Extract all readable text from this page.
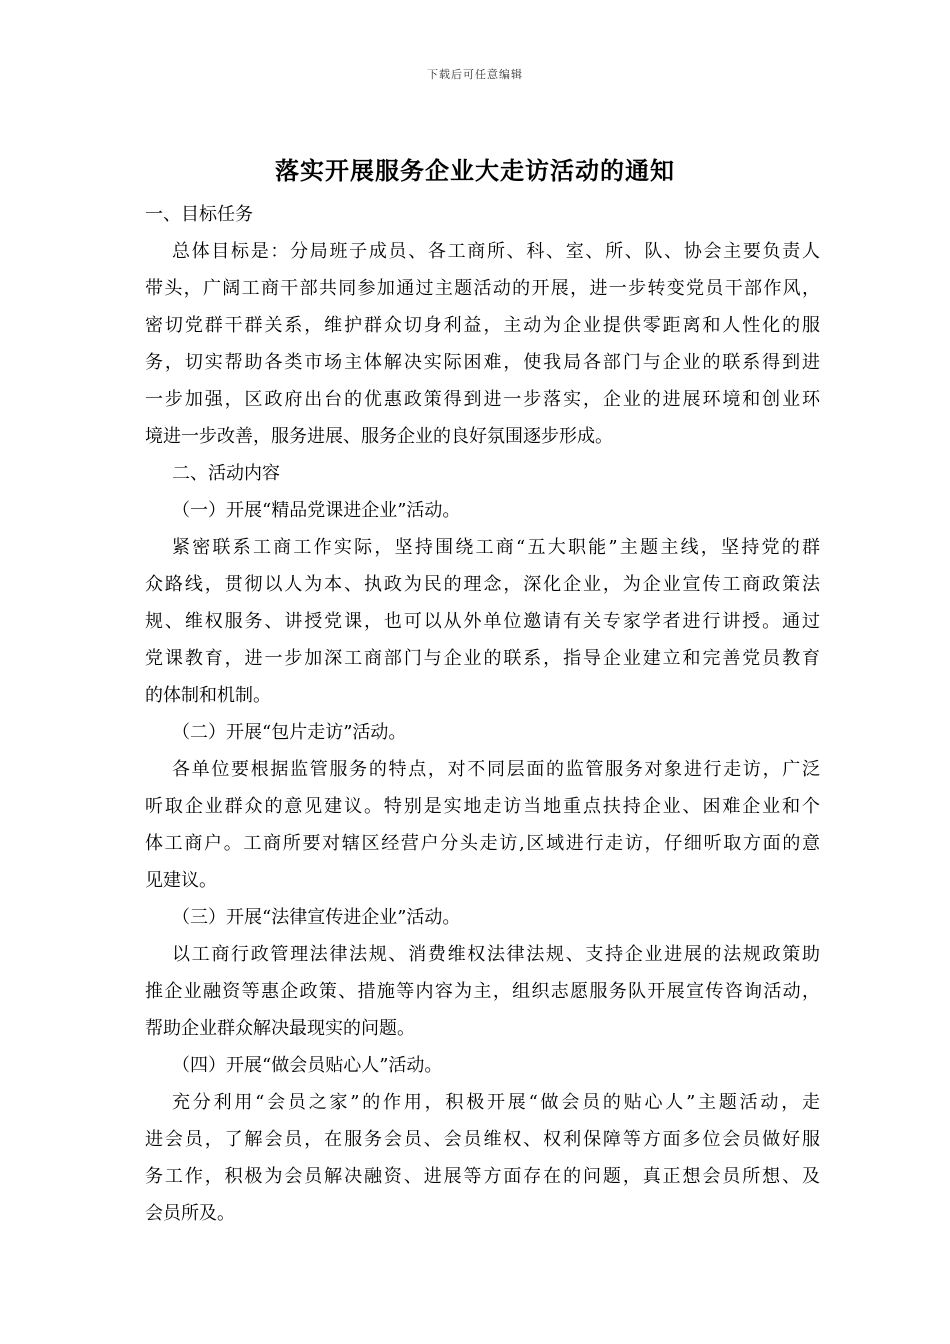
下载后可任意编辑
落实开展服务企业大走访活动的通知
一、目标任务
总体目标是：分局班子成员、各工商所、科、室、所、队、协会主要负责人
带头，广阔工商干部共同参加通过主题活动的开展，进一步转变党员干部作风，
密切党群干群关系，维护群众切身利益，主动为企业提供零距离和人性化的服
务，切实帮助各类市场主体解决实际困难，使我局各部门与企业的联系得到进
一步加强，区政府出台的优惠政策得到进一步落实，企业的进展环境和创业环
境进一步改善，服务进展、服务企业的良好氛围逐步形成。
二、活动内容
（一）开展“精品党课进企业”活动。
紧密联系工商工作实际，坚持围绕工商“五大职能”主题主线，坚持党的群
众路线，贯彻以人为本、执政为民的理念，深化企业，为企业宣传工商政策法
规、维权服务、讲授党课，也可以从外单位邀请有关专家学者进行讲授。通过
党课教育，进一步加深工商部门与企业的联系，指导企业建立和完善党员教育
的体制和机制。
（二）开展“包片走访”活动。
各单位要根据监管服务的特点，对不同层面的监管服务对象进行走访，广泛
听取企业群众的意见建议。特别是实地走访当地重点扶持企业、困难企业和个
体工商户。工商所要对辖区经营户分头走访,区域进行走访，仔细听取方面的意
见建议。
（三）开展“法律宣传进企业”活动。
以工商行政管理法律法规、消费维权法律法规、支持企业进展的法规政策助
推企业融资等惠企政策、措施等内容为主，组织志愿服务队开展宣传咨询活动，
帮助企业群众解决最现实的问题。
（四）开展“做会员贴心人”活动。
充分利用“会员之家”的作用，积极开展“做会员的贴心人”主题活动，走
进会员，了解会员，在服务会员、会员维权、权利保障等方面多位会员做好服
务工作，积极为会员解决融资、进展等方面存在的问题，真正想会员所想、及
会员所及。
